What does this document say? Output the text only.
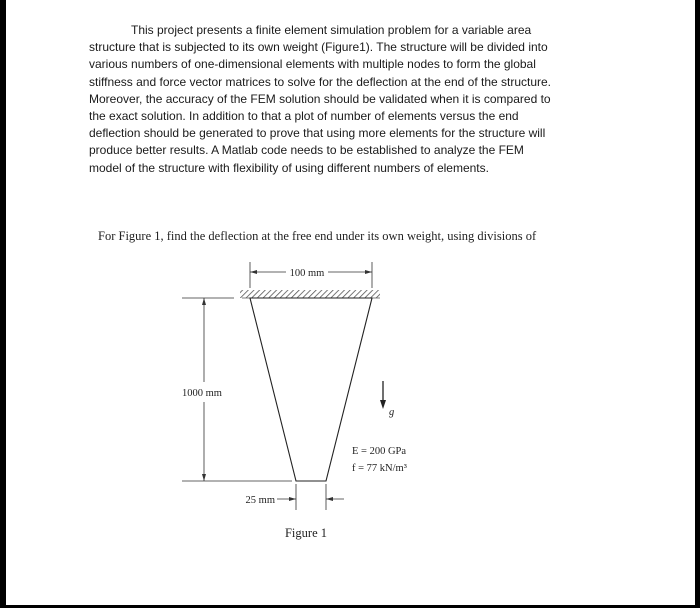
This project presents a finite element simulation problem for a variable area
structure that is subjected to its own weight (Figure1). The structure will be divided into
various numbers of one-dimensional elements with multiple nodes to form the global
stiffness and force vector matrices to solve for the deflection at the end of the structure.
Moreover, the accuracy of the FEM solution should be validated when it is compared to
the exact solution. In addition to that a plot of number of elements versus the end
deflection should be generated to prove that using more elements for the structure will
produce better results. A Matlab code needs to be established to analyze the FEM
model of the structure with flexibility of using different numbers of elements.

For Figure 1, find the deflection at the free end under its own weight, using divisions of

100 mm
1000 mm
g
E = 200 GPa
f = 77 kN/m³
25 mm
Figure 1
